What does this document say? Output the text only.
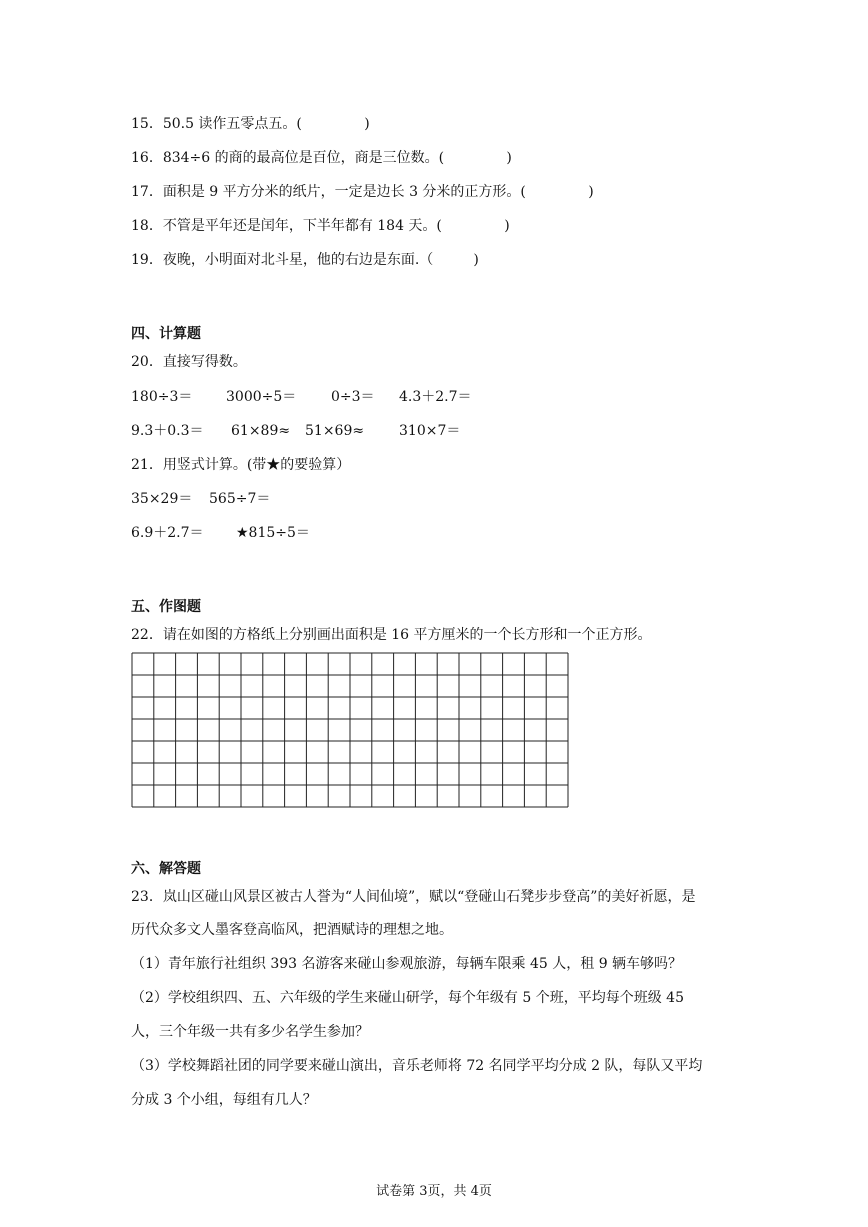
15．50.5 读作五零点五。(              )
16．834÷6 的商的最高位是百位，商是三位数。(              )
17．面积是 9 平方分米的纸片，一定是边长 3 分米的正方形。(              )
18．不管是平年还是闰年，下半年都有 184 天。(              )
19．夜晚，小明面对北斗星，他的右边是东面.（         )
四、计算题
20．直接写得数。
180÷3＝ 3000÷5＝ 0÷3＝ 4.3＋2.7＝
9.3＋0.3＝ 61×89≈ 51×69≈ 310×7＝
21．用竖式计算。(带★的要验算）
35×29＝ 565÷7＝
6.9＋2.7＝ ★815÷5＝
五、作图题
22．请在如图的方格纸上分别画出面积是 16 平方厘米的一个长方形和一个正方形。
六、解答题
23．岚山区碰山风景区被古人誉为“人间仙境”，赋以“登碰山石凳步步登高”的美好祈愿，是
历代众多文人墨客登高临风，把酒赋诗的理想之地。
（1）青年旅行社组织 393 名游客来碰山参观旅游，每辆车限乘 45 人，租 9 辆车够吗？
（2）学校组织四、五、六年级的学生来碰山研学，每个年级有 5 个班，平均每个班级 45
人，三个年级一共有多少名学生参加？
（3）学校舞蹈社团的同学要来碰山演出，音乐老师将 72 名同学平均分成 2 队，每队又平均
分成 3 个小组，每组有几人？
试卷第 3页，共 4页
